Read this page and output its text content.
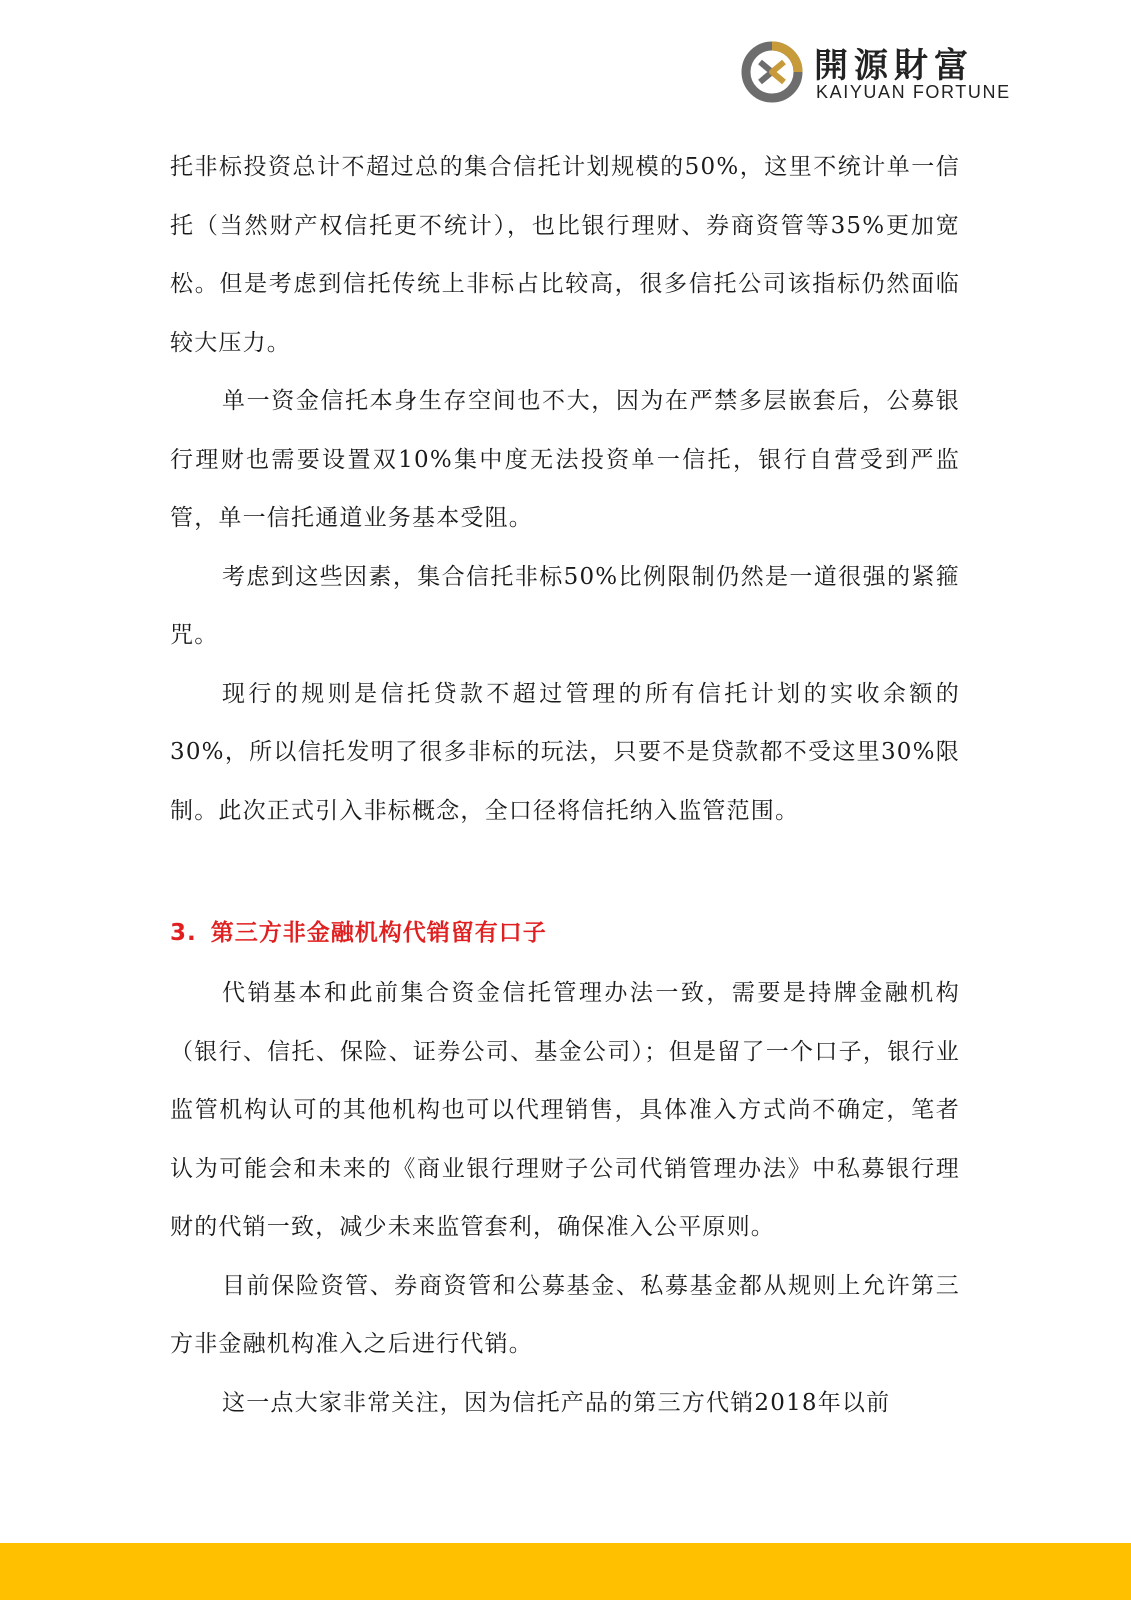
開源財富
KAIYUAN FORTUNE

托非标投资总计不超过总的集合信托计划规模的50%，这里不统计单一信托（当然财产权信托更不统计），也比银行理财、券商资管等35%更加宽松。但是考虑到信托传统上非标占比较高，很多信托公司该指标仍然面临较大压力。

单一资金信托本身生存空间也不大，因为在严禁多层嵌套后，公募银行理财也需要设置双10%集中度无法投资单一信托，银行自营受到严监管，单一信托通道业务基本受阻。

考虑到这些因素，集合信托非标50%比例限制仍然是一道很强的紧箍咒。

现行的规则是信托贷款不超过管理的所有信托计划的实收余额的30%，所以信托发明了很多非标的玩法，只要不是贷款都不受这里30%限制。此次正式引入非标概念，全口径将信托纳入监管范围。

3. 第三方非金融机构代销留有口子

代销基本和此前集合资金信托管理办法一致，需要是持牌金融机构（银行、信托、保险、证券公司、基金公司）；但是留了一个口子，银行业监管机构认可的其他机构也可以代理销售，具体准入方式尚不确定，笔者认为可能会和未来的《商业银行理财子公司代销管理办法》中私募银行理财的代销一致，减少未来监管套利，确保准入公平原则。

目前保险资管、券商资管和公募基金、私募基金都从规则上允许第三方非金融机构准入之后进行代销。

这一点大家非常关注，因为信托产品的第三方代销2018年以前
